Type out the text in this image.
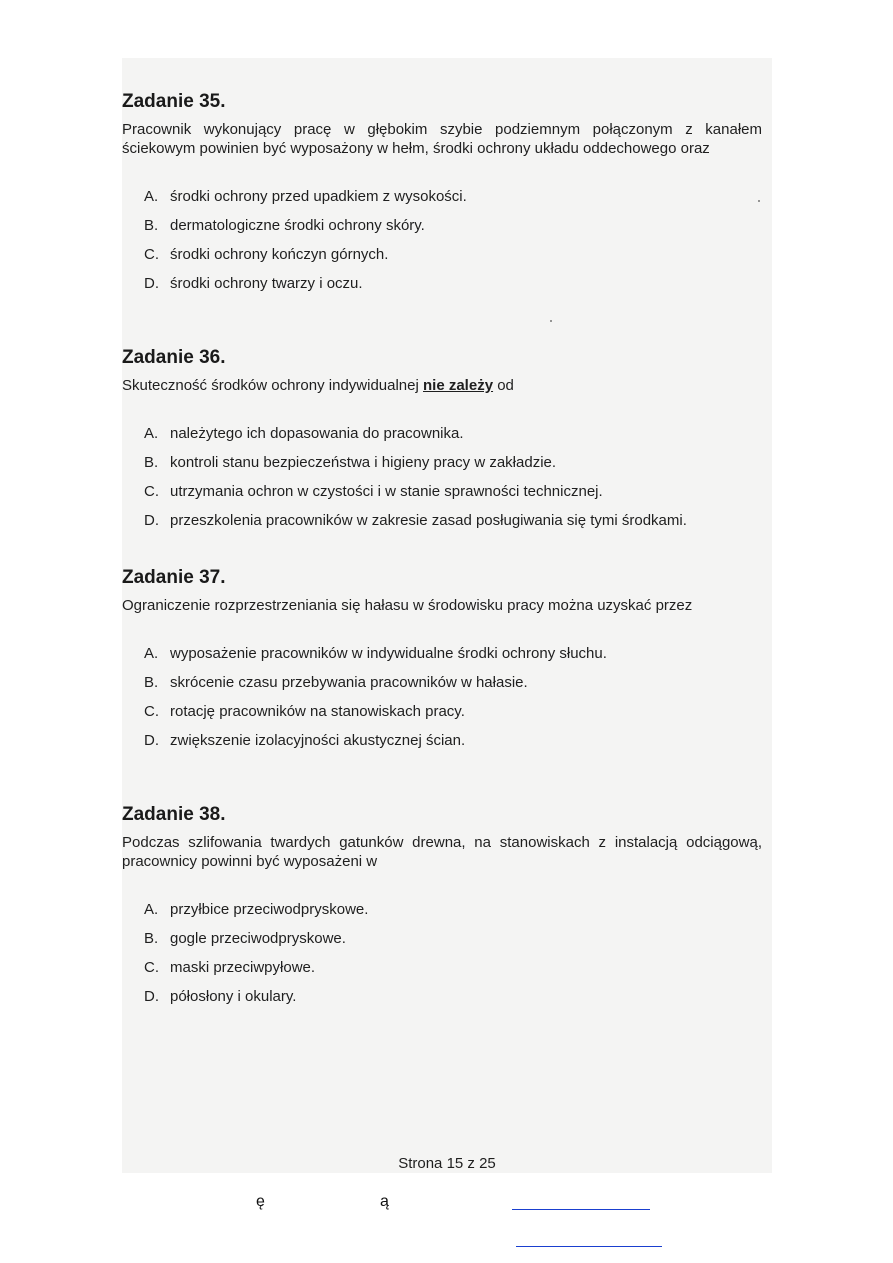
Zadanie 35.

Pracownik wykonujący pracę w głębokim szybie podziemnym połączonym z kanałem ściekowym powinien być wyposażony w hełm, środki ochrony układu oddechowego oraz

A. środki ochrony przed upadkiem z wysokości.
B. dermatologiczne środki ochrony skóry.
C. środki ochrony kończyn górnych.
D. środki ochrony twarzy i oczu.
Zadanie 36.

Skuteczność środków ochrony indywidualnej nie zależy od

A. należytego ich dopasowania do pracownika.
B. kontroli stanu bezpieczeństwa i higieny pracy w zakładzie.
C. utrzymania ochron w czystości i w stanie sprawności technicznej.
D. przeszkolenia pracowników w zakresie zasad posługiwania się tymi środkami.
Zadanie 37.

Ograniczenie rozprzestrzeniania się hałasu w środowisku pracy można uzyskać przez

A. wyposażenie pracowników w indywidualne środki ochrony słuchu.
B. skrócenie czasu przebywania pracowników w hałasie.
C. rotację pracowników na stanowiskach pracy.
D. zwiększenie izolacyjności akustycznej ścian.
Zadanie 38.

Podczas szlifowania twardych gatunków drewna, na stanowiskach z instalacją odciągową, pracownicy powinni być wyposażeni w

A. przyłbice przeciwodpryskowe.
B. gogle przeciwodpryskowe.
C. maski przeciwpyłowe.
D. półosłony i okulary.
Strona 15 z 25
ę	ą
